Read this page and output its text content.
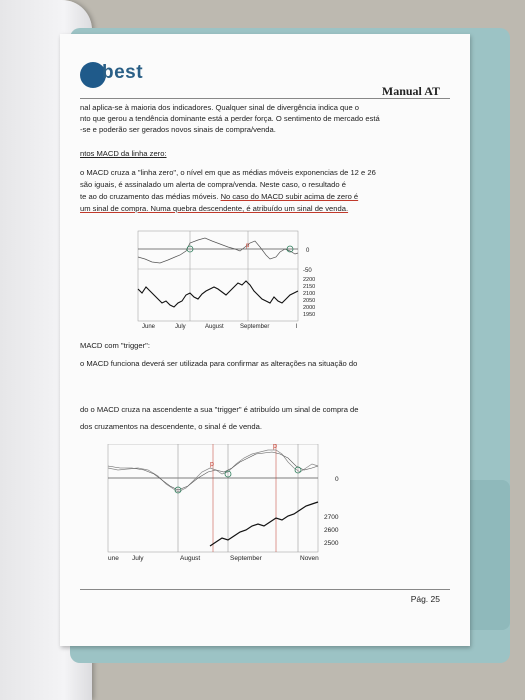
best
Manual AT
nal aplica-se à maioria dos indicadores. Qualquer sinal de divergência indica que o
nto que gerou a tendência dominante está a perder força. O sentimento de mercado está
-se e poderão ser gerados novos sinais de compra/venda.
ntos MACD da linha zero:
o MACD cruza a "linha zero", o nível em que as médias móveis exponencias de 12 e 26
são iguais, é assinalado um alerta de compra/venda. Neste caso, o resultado é
te ao do cruzamento das médias móveis. No caso do MACD subir acima de zero é
um sinal de compra. Numa quebra descendente, é atribuído um sinal de venda.
p
0
-50
2200
2150
2100
2050
2000
1950
June	July	August	September	l
MACD com "trigger":
o MACD funciona deverá ser utilizada para confirmar as alterações na situação do
do o MACD cruza na ascendente a sua "trigger" é atribuído um sinal de compra de
dos cruzamentos na descendente, o sinal é de venda.
p
p
0
2700
2600
2500
une July	August	September	Noven
Pág. 25
